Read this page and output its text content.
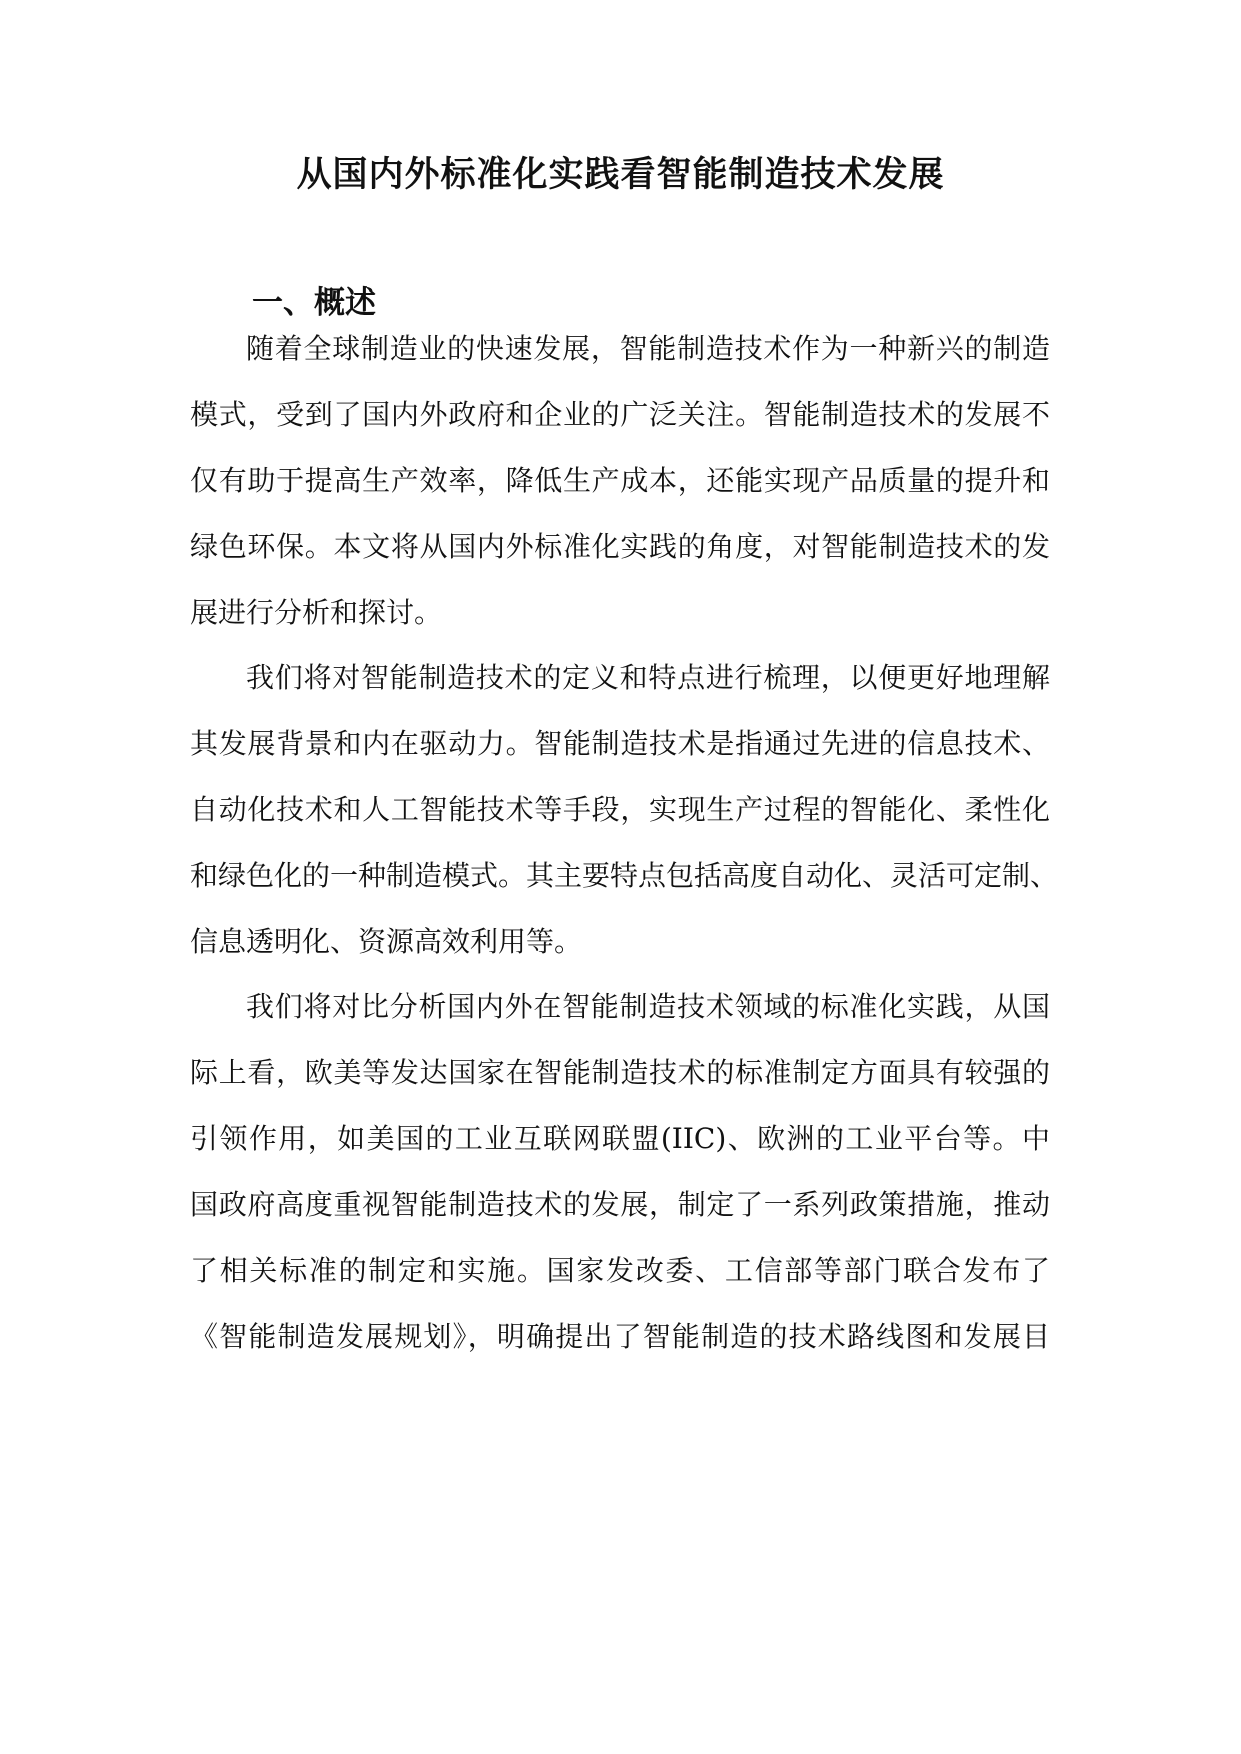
从国内外标准化实践看智能制造技术发展
一、概述

随着全球制造业的快速发展，智能制造技术作为一种新兴的制造

模式，受到了国内外政府和企业的广泛关注。智能制造技术的发展不

仅有助于提高生产效率，降低生产成本，还能实现产品质量的提升和

绿色环保。本文将从国内外标准化实践的角度，对智能制造技术的发

展进行分析和探讨。

我们将对智能制造技术的定义和特点进行梳理，以便更好地理解

其发展背景和内在驱动力。智能制造技术是指通过先进的信息技术、

自动化技术和人工智能技术等手段，实现生产过程的智能化、柔性化

和绿色化的一种制造模式。其主要特点包括高度自动化、灵活可定制、

信息透明化、资源高效利用等。

我们将对比分析国内外在智能制造技术领域的标准化实践，从国

际上看，欧美等发达国家在智能制造技术的标准制定方面具有较强的

引领作用，如美国的工业互联网联盟(IIC)、欧洲的工业平台等。中

国政府高度重视智能制造技术的发展，制定了一系列政策措施，推动

了相关标准的制定和实施。国家发改委、工信部等部门联合发布了

《智能制造发展规划》，明确提出了智能制造的技术路线图和发展目
